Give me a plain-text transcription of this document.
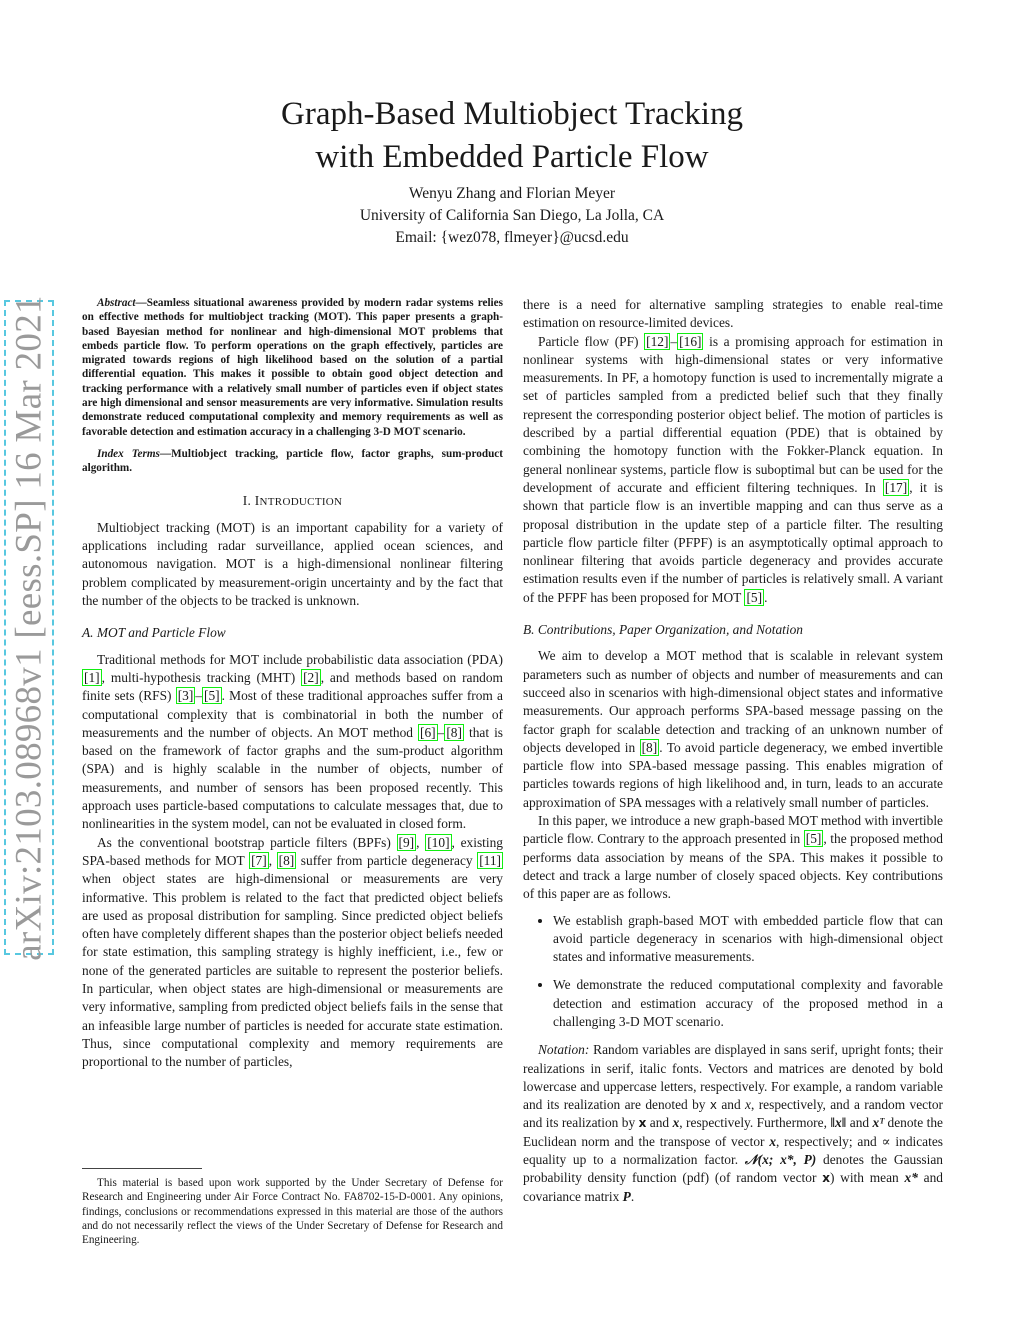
arXiv:2103.08968v1 [eess.SP] 16 Mar 2021
Graph-Based Multiobject Tracking
with Embedded Particle Flow
Wenyu Zhang and Florian Meyer
University of California San Diego, La Jolla, CA
Email: {wez078, flmeyer}@ucsd.edu

Abstract—Seamless situational awareness provided by modern radar systems relies on effective methods for multiobject tracking (MOT). This paper presents a graph-based Bayesian method for nonlinear and high-dimensional MOT problems that embeds particle flow. To perform operations on the graph effectively, particles are migrated towards regions of high likelihood based on the solution of a partial differential equation. This makes it possible to obtain good object detection and tracking performance with a relatively small number of particles even if object states are high dimensional and sensor measurements are very informative. Simulation results demonstrate reduced computational complexity and memory requirements as well as favorable detection and estimation accuracy in a challenging 3-D MOT scenario.

Index Terms—Multiobject tracking, particle flow, factor graphs, sum-product algorithm.

I. INTRODUCTION

Multiobject tracking (MOT) is an important capability for a variety of applications including radar surveillance, applied ocean sciences, and autonomous navigation. MOT is a high-dimensional nonlinear filtering problem complicated by measurement-origin uncertainty and by the fact that the number of the objects to be tracked is unknown.

A. MOT and Particle Flow

Traditional methods for MOT include probabilistic data association (PDA) [1] , multi-hypothesis tracking (MHT) [2] , and methods based on random finite sets (RFS) [3] – [5] . Most of these traditional approaches suffer from a computational complexity that is combinatorial in both the number of measurements and the number of objects. An MOT method [6] – [8] that is based on the framework of factor graphs and the sum-product algorithm (SPA) and is highly scalable in the number of objects, number of measurements, and number of sensors has been proposed recently. This approach uses particle-based computations to calculate messages that, due to nonlinearities in the system model, can not be evaluated in closed form.

As the conventional bootstrap particle filters (BPFs) [9] , [10] , existing SPA-based methods for MOT [7] , [8] suffer from particle degeneracy [11] when object states are high-dimensional or measurements are very informative. This problem is related to the fact that predicted object beliefs are used as proposal distribution for sampling. Since predicted object beliefs often have completely different shapes than the posterior object beliefs needed for state estimation, this sampling strategy is highly inefficient, i.e., few or none of the generated particles are suitable to represent the posterior beliefs. In particular, when object states are high-dimensional or measurements are very informative, sampling from predicted object beliefs fails in the sense that an infeasible large number of particles is needed for accurate state estimation. Thus, since computational complexity and memory requirements are proportional to the number of particles,

This material is based upon work supported by the Under Secretary of Defense for Research and Engineering under Air Force Contract No. FA8702-15-D-0001. Any opinions, findings, conclusions or recommendations expressed in this material are those of the authors and do not necessarily reflect the views of the Under Secretary of Defense for Research and Engineering.

there is a need for alternative sampling strategies to enable real-time estimation on resource-limited devices.

Particle flow (PF) [12] – [16] is a promising approach for estimation in nonlinear systems with high-dimensional states or very informative measurements. In PF, a homotopy function is used to incrementally migrate a set of particles sampled from a predicted belief such that they finally represent the corresponding posterior object belief. The motion of particles is described by a partial differential equation (PDE) that is obtained by combining the homotopy function with the Fokker-Planck equation. In general nonlinear systems, particle flow is suboptimal but can be used for the development of accurate and efficient filtering techniques. In [17] , it is shown that particle flow is an invertible mapping and can thus serve as a proposal distribution in the update step of a particle filter. The resulting particle flow particle filter (PFPF) is an asymptotically optimal approach to nonlinear filtering that avoids particle degeneracy and provides accurate estimation results even if the number of particles is relatively small. A variant of the PFPF has been proposed for MOT [5] .

B. Contributions, Paper Organization, and Notation

We aim to develop a MOT method that is scalable in relevant system parameters such as number of objects and number of measurements and can succeed also in scenarios with high-dimensional object states and informative measurements. Our approach performs SPA-based message passing on the factor graph for scalable detection and tracking of an unknown number of objects developed in [8] . To avoid particle degeneracy, we embed invertible particle flow into SPA-based message passing. This enables migration of particles towards regions of high likelihood and, in turn, leads to an accurate approximation of SPA messages with a relatively small number of particles.

In this paper, we introduce a new graph-based MOT method with invertible particle flow. Contrary to the approach presented in [5] , the proposed method performs data association by means of the SPA. This makes it possible to detect and track a large number of closely spaced objects. Key contributions of this paper are as follows.

• We establish graph-based MOT with embedded particle flow that can avoid particle degeneracy in scenarios with high-dimensional object states and informative measurements.
• We demonstrate the reduced computational complexity and favorable detection and estimation accuracy of the proposed method in a challenging 3-D MOT scenario.

Notation: Random variables are displayed in sans serif, upright fonts; their realizations in serif, italic fonts. Vectors and matrices are denoted by bold lowercase and uppercase letters, respectively. For example, a random variable and its realization are denoted by x and x, respectively, and a random vector and its realization by x and x, respectively. Furthermore, ‖x‖ and xᵀ denote the Euclidean norm and the transpose of vector x, respectively; and ∝ indicates equality up to a normalization factor. 𝒩(x; x*, P) denotes the Gaussian probability density function (pdf) (of random vector x) with mean x* and covariance matrix P.
